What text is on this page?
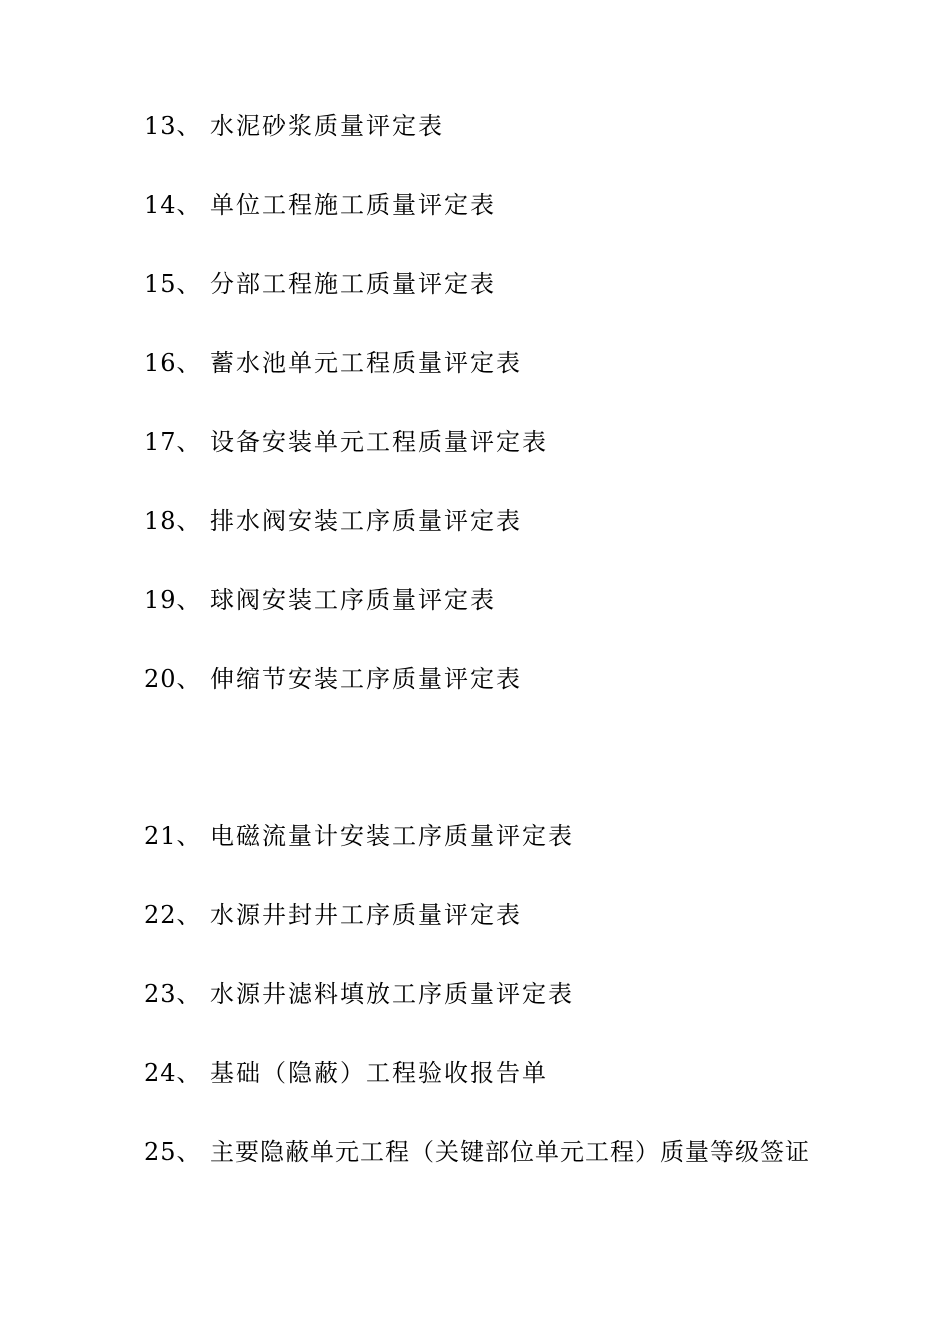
13、 水泥砂浆质量评定表
14、 单位工程施工质量评定表
15、 分部工程施工质量评定表
16、 蓄水池单元工程质量评定表
17、 设备安装单元工程质量评定表
18、 排水阀安装工序质量评定表
19、 球阀安装工序质量评定表
20、 伸缩节安装工序质量评定表
21、 电磁流量计安装工序质量评定表
22、 水源井封井工序质量评定表
23、 水源井滤料填放工序质量评定表
24、 基础（隐蔽）工程验收报告单
25、 主要隐蔽单元工程（关键部位单元工程）质量等级签证
